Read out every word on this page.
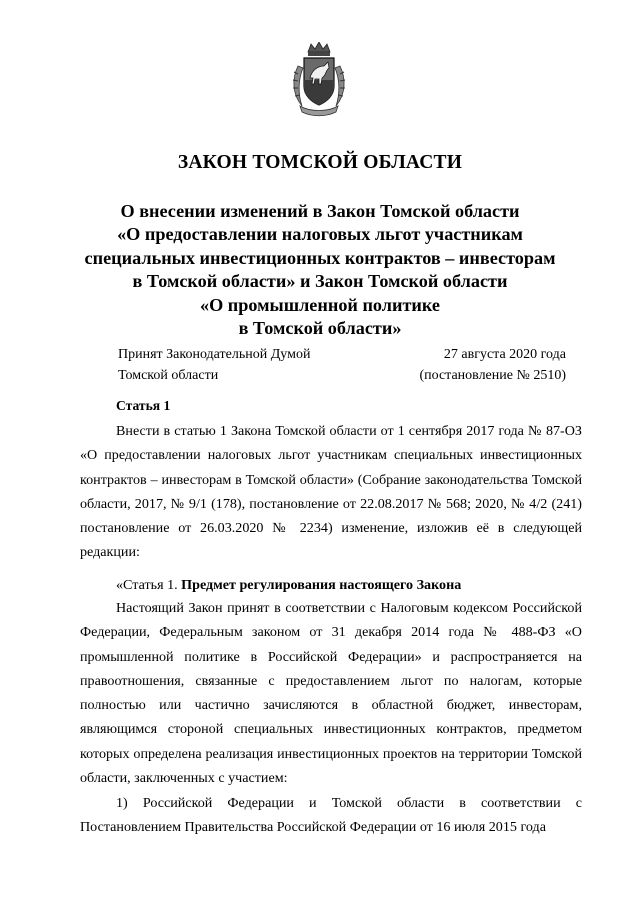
ЗАКОН ТОМСКОЙ ОБЛАСТИ
О внесении изменений в Закон Томской области
«О предоставлении налоговых льгот участникам
специальных инвестиционных контрактов – инвесторам
в Томской области» и Закон Томской области
«О промышленной политике
в Томской области»
Принят Законодательной Думой
Томской области
27 августа 2020 года
(постановление № 2510)
Статья 1

Внести в статью 1 Закона Томской области от 1 сентября 2017 года № 87-ОЗ «О предоставлении налоговых льгот участникам специальных инвестиционных контрактов – инвесторам в Томской области» (Собрание законодательства Томской области, 2017, № 9/1 (178), постановление от 22.08.2017 № 568; 2020, № 4/2 (241) постановление от 26.03.2020 № 2234) изменение, изложив её в следующей редакции:

«Статья 1. Предмет регулирования настоящего Закона

Настоящий Закон принят в соответствии с Налоговым кодексом Российской Федерации, Федеральным законом от 31 декабря 2014 года № 488-ФЗ «О промышленной политике в Российской Федерации» и распространяется на правоотношения, связанные с предоставлением льгот по налогам, которые полностью или частично зачисляются в областной бюджет, инвесторам, являющимся стороной специальных инвестиционных контрактов, предметом которых определена реализация инвестиционных проектов на территории Томской области, заключенных с участием:

1) Российской Федерации и Томской области в соответствии с Постановлением Правительства Российской Федерации от 16 июля 2015 года
